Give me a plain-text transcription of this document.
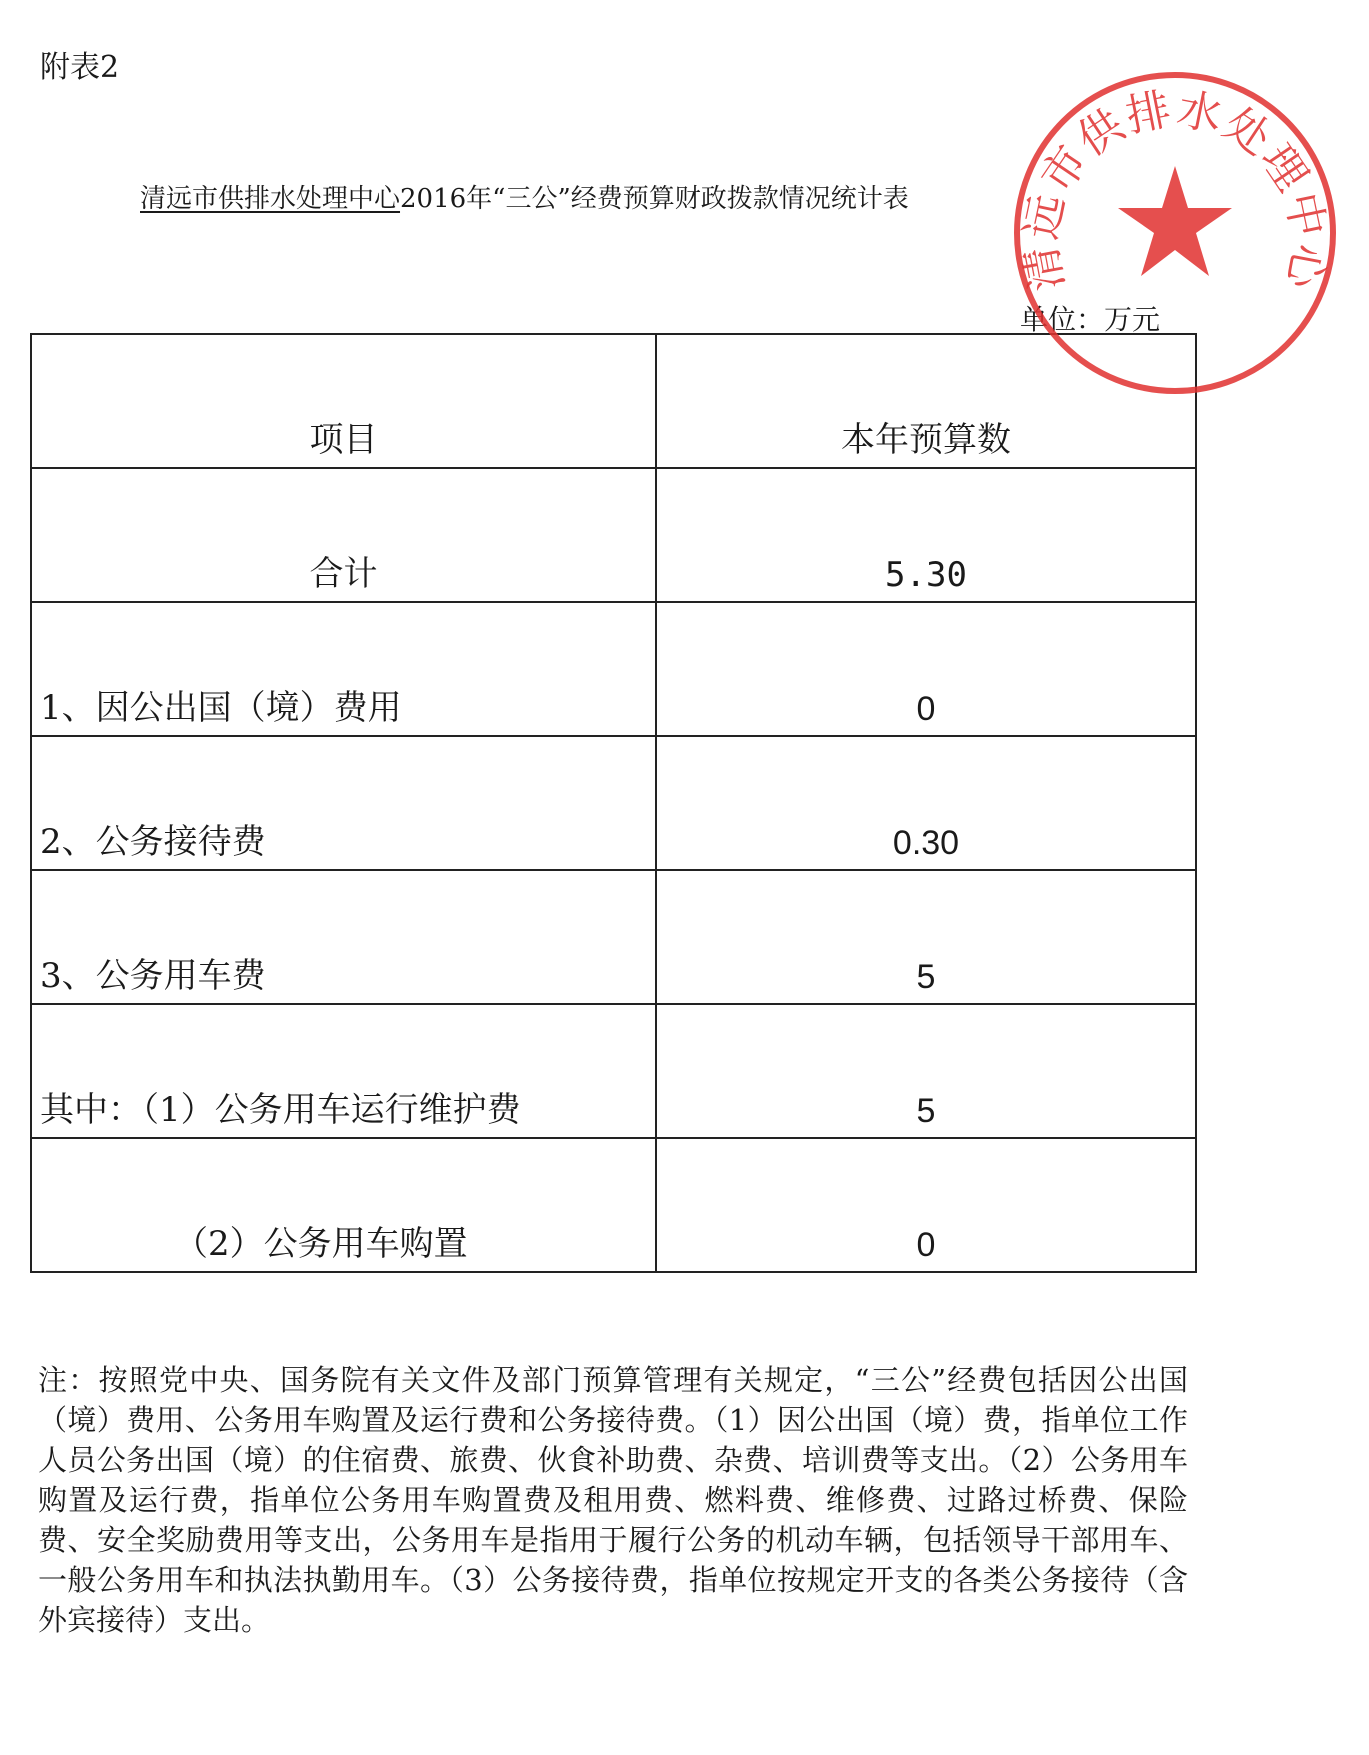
附表2
清远市供排水处理中心2016年“三公”经费预算财政拨款情况统计表
单位：万元
项目	本年预算数
合计	5.30
1、因公出国（境）费用	0
2、公务接待费	0.30
3、公务用车费	5
其中：（1）公务用车运行维护费	5
（2）公务用车购置	0
注：按照党中央、国务院有关文件及部门预算管理有关规定，“三公”经费包括因公出国（境）费用、公务用车购置及运行费和公务接待费。（1）因公出国（境）费，指单位工作人员公务出国（境）的住宿费、旅费、伙食补助费、杂费、培训费等支出。（2）公务用车购置及运行费，指单位公务用车购置费及租用费、燃料费、维修费、过路过桥费、保险费、安全奖励费用等支出，公务用车是指用于履行公务的机动车辆，包括领导干部用车、一般公务用车和执法执勤用车。（3）公务接待费，指单位按规定开支的各类公务接待（含外宾接待）支出。
清远市供排水处理中心
